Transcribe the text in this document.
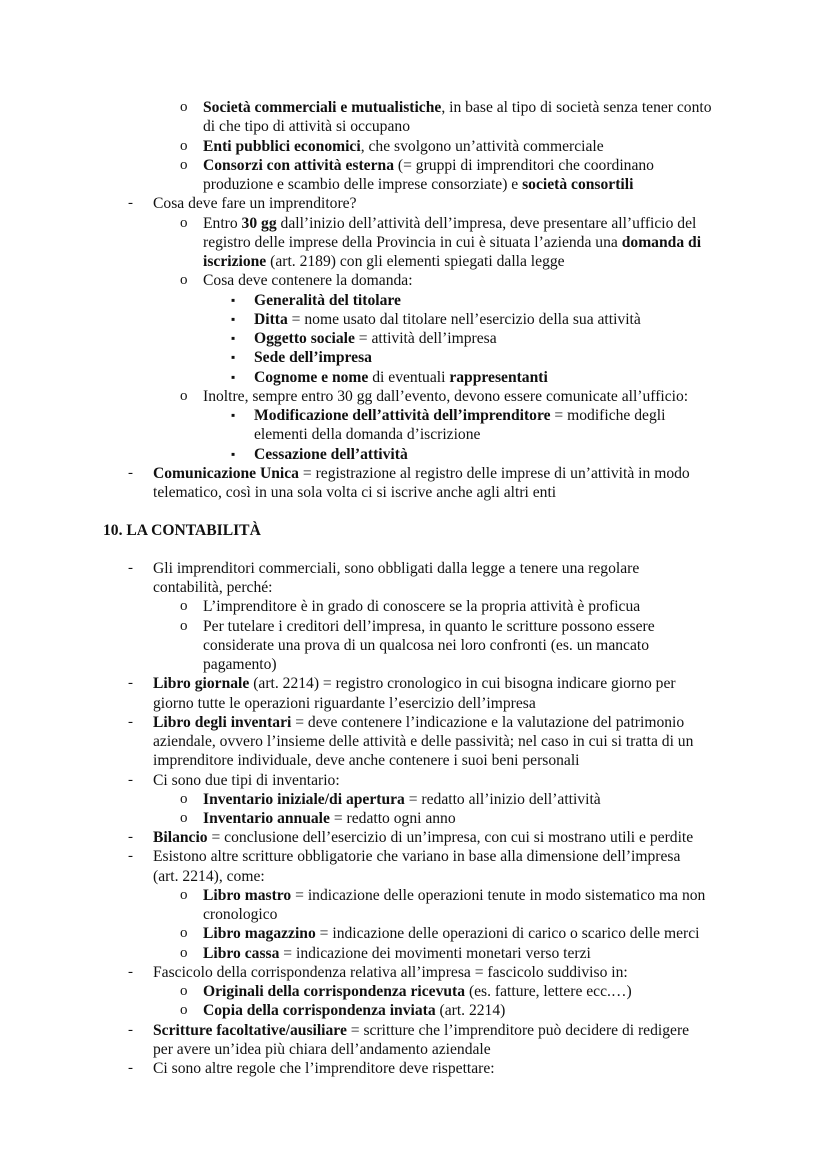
10. LA CONTABILITÀ
o Società commerciali e mutualistiche, in base al tipo di società senza tener conto
di che tipo di attività si occupano
o Enti pubblici economici, che svolgono un’attività commerciale
o Consorzi con attività esterna (= gruppi di imprenditori che coordinano
produzione e scambio delle imprese consorziate) e società consortili
- Cosa deve fare un imprenditore?
o Entro 30 gg dall’inizio dell’attività dell’impresa, deve presentare all’ufficio del
registro delle imprese della Provincia in cui è situata l’azienda una domanda di
iscrizione (art. 2189) con gli elementi spiegati dalla legge
o Cosa deve contenere la domanda:
▪ Generalità del titolare
▪ Ditta = nome usato dal titolare nell’esercizio della sua attività
▪ Oggetto sociale = attività dell’impresa
▪ Sede dell’impresa
▪ Cognome e nome di eventuali rappresentanti
o Inoltre, sempre entro 30 gg dall’evento, devono essere comunicate all’ufficio:
▪ Modificazione dell’attività dell’imprenditore = modifiche degli
elementi della domanda d’iscrizione
▪ Cessazione dell’attività
- Comunicazione Unica = registrazione al registro delle imprese di un’attività in modo
telematico, così in una sola volta ci si iscrive anche agli altri enti
- Gli imprenditori commerciali, sono obbligati dalla legge a tenere una regolare
contabilità, perché:
o L’imprenditore è in grado di conoscere se la propria attività è proficua
o Per tutelare i creditori dell’impresa, in quanto le scritture possono essere
considerate una prova di un qualcosa nei loro confronti (es. un mancato
pagamento)
- Libro giornale (art. 2214) = registro cronologico in cui bisogna indicare giorno per
giorno tutte le operazioni riguardante l’esercizio dell’impresa
- Libro degli inventari = deve contenere l’indicazione e la valutazione del patrimonio
aziendale, ovvero l’insieme delle attività e delle passività; nel caso in cui si tratta di un
imprenditore individuale, deve anche contenere i suoi beni personali
- Ci sono due tipi di inventario:
o Inventario iniziale/di apertura = redatto all’inizio dell’attività
o Inventario annuale = redatto ogni anno
- Bilancio = conclusione dell’esercizio di un’impresa, con cui si mostrano utili e perdite
- Esistono altre scritture obbligatorie che variano in base alla dimensione dell’impresa
(art. 2214), come:
o Libro mastro = indicazione delle operazioni tenute in modo sistematico ma non
cronologico
o Libro magazzino = indicazione delle operazioni di carico o scarico delle merci
o Libro cassa = indicazione dei movimenti monetari verso terzi
- Fascicolo della corrispondenza relativa all’impresa = fascicolo suddiviso in:
o Originali della corrispondenza ricevuta (es. fatture, lettere ecc.…)
o Copia della corrispondenza inviata (art. 2214)
- Scritture facoltative/ausiliare = scritture che l’imprenditore può decidere di redigere
per avere un’idea più chiara dell’andamento aziendale
- Ci sono altre regole che l’imprenditore deve rispettare:
